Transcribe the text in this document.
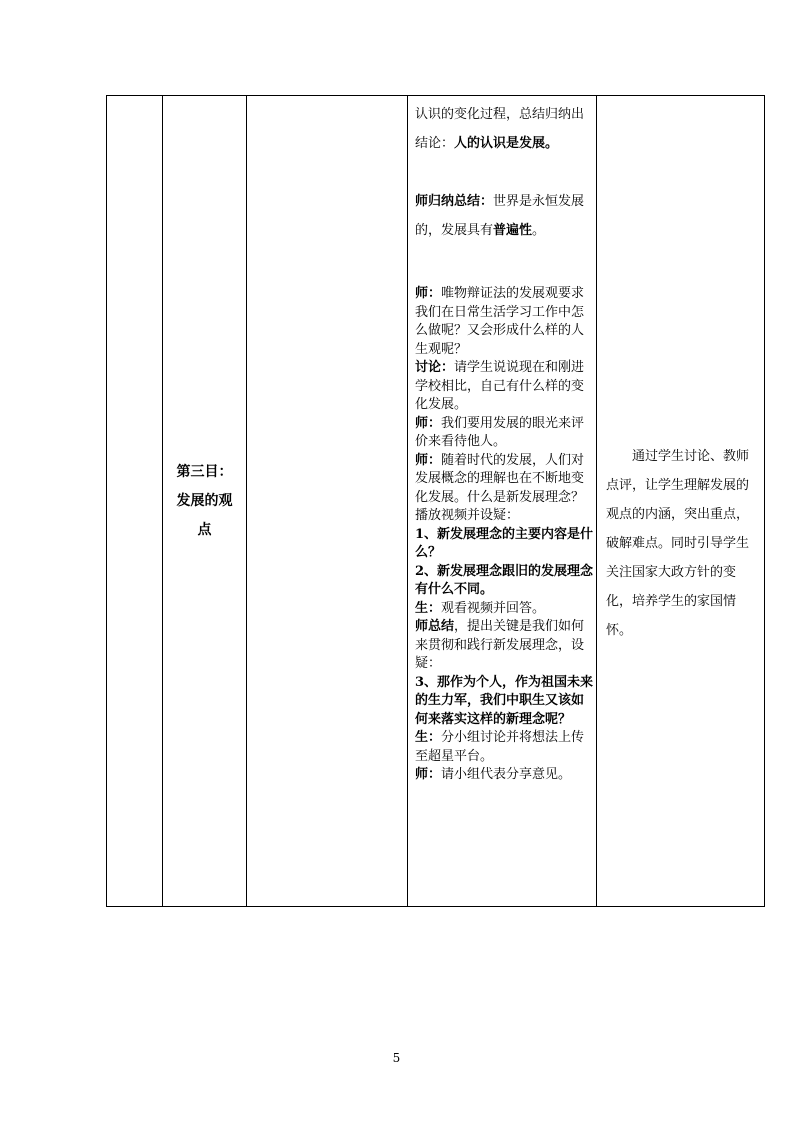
第三目：发展的观点

认识的变化过程，总结归纳出结论：人的认识是发展。

师归纳总结：世界是永恒发展的，发展具有普遍性。

师：唯物辩证法的发展观要求我们在日常生活学习工作中怎么做呢？又会形成什么样的人生观呢？

讨论：请学生说说现在和刚进学校相比，自己有什么样的变化发展。

师：我们要用发展的眼光来评价来看待他人。

师：随着时代的发展，人们对发展概念的理解也在不断地变化发展。什么是新发展理念？播放视频并设疑：

1、新发展理念的主要内容是什么？

2、新发展理念跟旧的发展理念有什么不同。

生：观看视频并回答。

师总结，提出关键是我们如何来贯彻和践行新发展理念，设疑：

3、那作为个人，作为祖国未来的生力军，我们中职生又该如何来落实这样的新理念呢？

生：分小组讨论并将想法上传至超星平台。

师：请小组代表分享意见。

通过学生讨论、教师点评，让学生理解发展的观点的内涵，突出重点，破解难点。同时引导学生关注国家大政方针的变化，培养学生的家国情怀。
5
